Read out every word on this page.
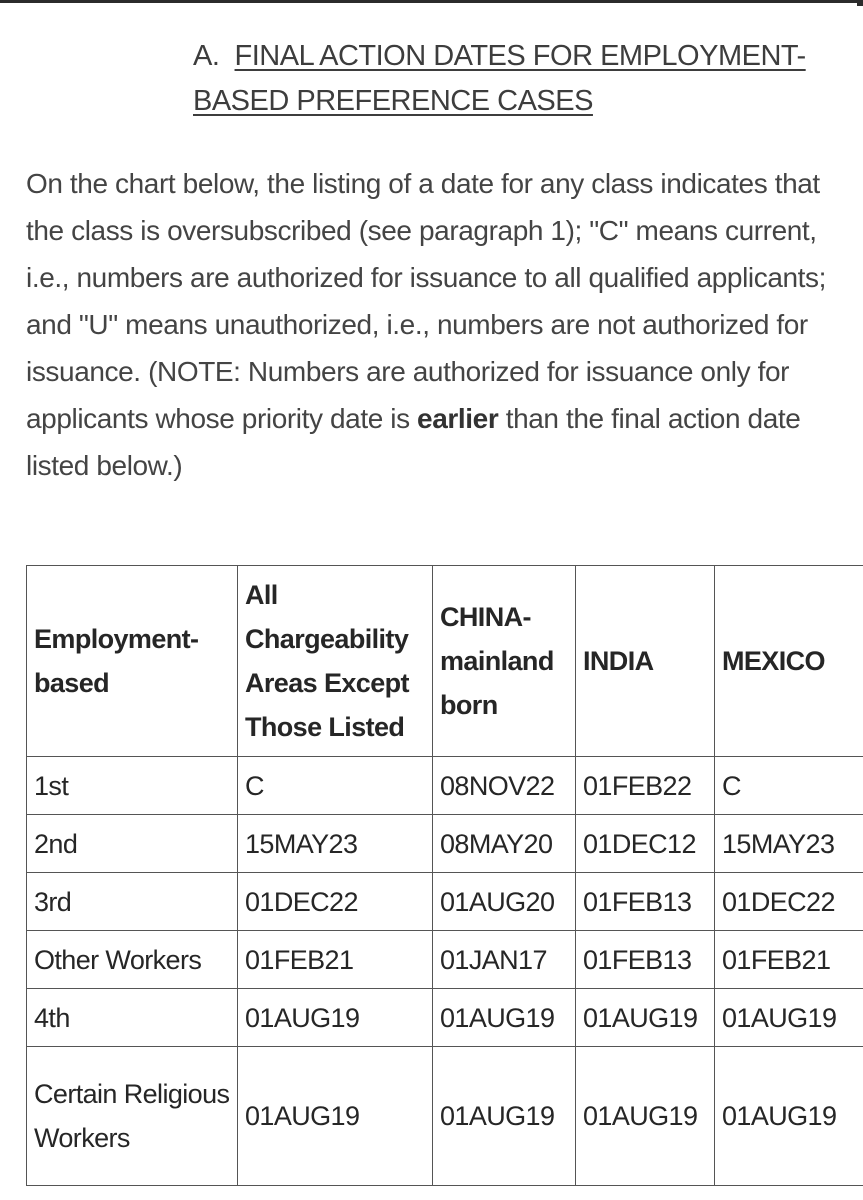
A. FINAL ACTION DATES FOR EMPLOYMENT-BASED PREFERENCE CASES

On the chart below, the listing of a date for any class indicates that the class is oversubscribed (see paragraph 1); "C" means current, i.e., numbers are authorized for issuance to all qualified applicants; and "U" means unauthorized, i.e., numbers are not authorized for issuance. (NOTE: Numbers are authorized for issuance only for applicants whose priority date is earlier than the final action date listed below.)

Employment-based	All Chargeability Areas Except Those Listed	CHINA-mainland born	INDIA	MEXICO
1st	C	08NOV22	01FEB22	C
2nd	15MAY23	08MAY20	01DEC12	15MAY23
3rd	01DEC22	01AUG20	01FEB13	01DEC22
Other Workers	01FEB21	01JAN17	01FEB13	01FEB21
4th	01AUG19	01AUG19	01AUG19	01AUG19
Certain Religious Workers	01AUG19	01AUG19	01AUG19	01AUG19
